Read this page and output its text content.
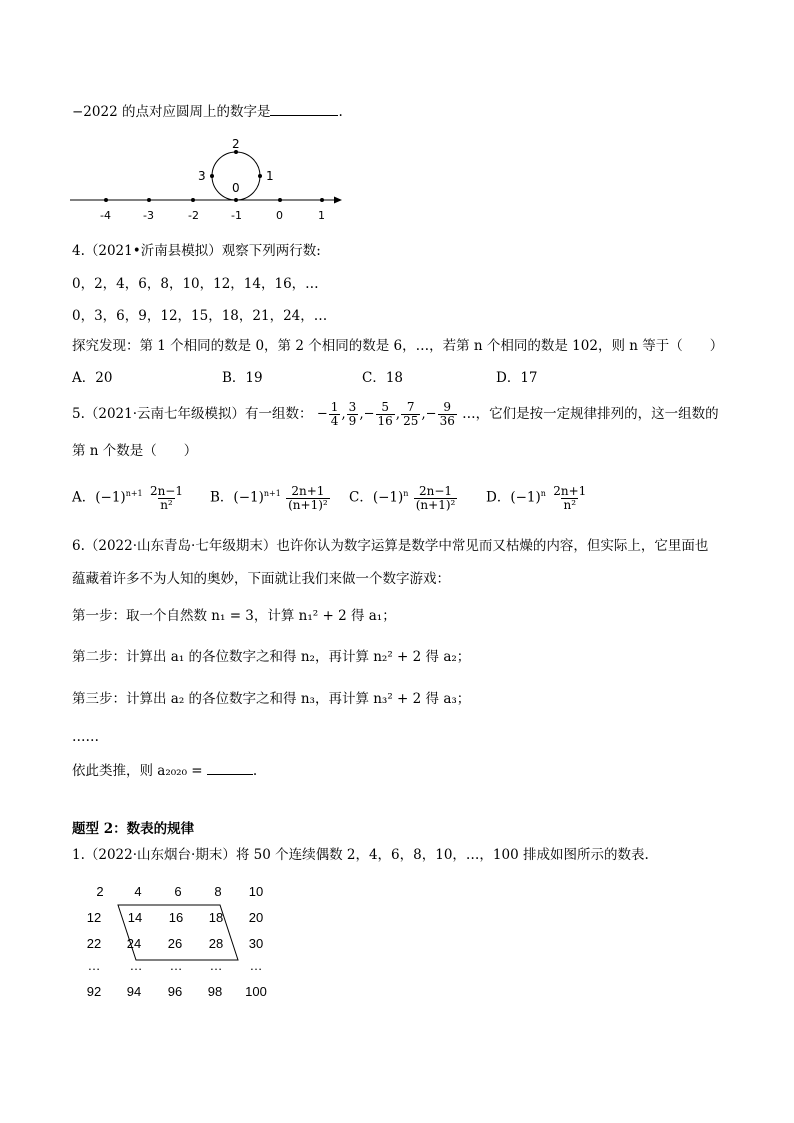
−2022 的点对应圆周上的数字是	.
-4	-3	-2	-1	0	1
2
3	1
0
4.（2021•沂南县模拟）观察下列两行数:
0，2，4，6，8，10，12，14，16，…
0，3，6，9，12，15，18，21，24，…
探究发现：第 1 个相同的数是 0，第 2 个相同的数是 6，…，若第 n 个相同的数是 102，则 n 等于（　　）
A．20	B．19	C．18	D．17
5.（2021·云南七年级模拟）有一组数： − $\frac{1}{4}$ , $\frac{3}{9}$ ,− $\frac{5}{16}$ , $\frac{7}{25}$ ,− $\frac{9}{36}$ …，它们是按一定规律排列的，这一组数的
第 n 个数是（　　）
A．$(-1)^{n+1} \frac{2n-1}{\text{n²}}$ B．$(-1)^{n+1} \frac{2n+1}{\text{(n+1)²}}$ C．$(-1)^n \frac{2n-1}{\text{(n+1)²}}$ D．$(-1)^n \frac{2n+1}{\text{n²}}$
6.（2022·山东青岛·七年级期末）也许你认为数字运算是数学中常见而又枯燥的内容，但实际上，它里面也
蕴藏着许多不为人知的奥妙，下面就让我们来做一个数字游戏：
第一步：取一个自然数 n₁ = 3，计算 n₁² + 2 得 a₁；
第二步：计算出 a₁ 的各位数字之和得 n₂，再计算 n₂² + 2 得 a₂；
第三步：计算出 a₂ 的各位数字之和得 n₃，再计算 n₃² + 2 得 a₃；
……
依此类推，则 a₂₀₂₀ =	.
题型 2：数表的规律
1.（2022·山东烟台·期末）将 50 个连续偶数 2，4，6，8，10，…，100 排成如图所示的数表.
2	4	6	8	10
12	14	16	18	20
22	24	26	28	30
…	…	…	…	…
92	94	96	98	100
